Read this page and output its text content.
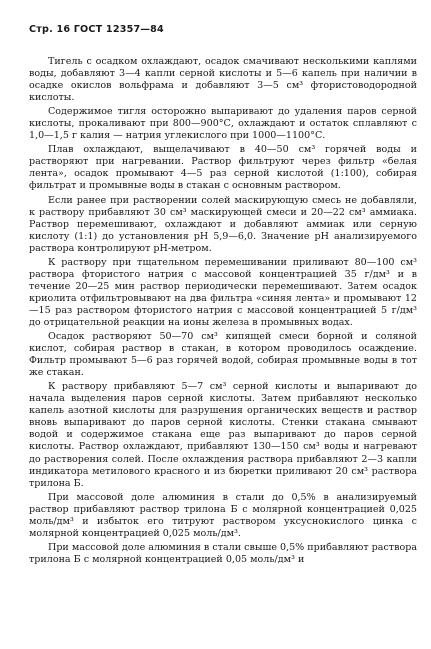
Стр. 16 ГОСТ 12357—84

Тигель с осадком охлаждают, осадок смачивают несколькими каплями воды, добавляют 3—4 капли серной кислоты и 5—6 капель при наличии в осадке окислов вольфрама и добавляют 3—5 см³ фтористоводородной кислоты.

Содержимое тигля осторожно выпаривают до удаления паров серной кислоты, прокаливают при 800—900°С, охлаждают и остаток сплавляют с 1,0—1,5 г калия — натрия углекислого при 1000—1100°С.

Плав охлаждают, выщелачивают в 40—50 см³ горячей воды и растворяют при нагревании. Раствор фильтруют через фильтр «белая лента», осадок промывают 4—5 раз серной кислотой (1:100), собирая фильтрат и промывные воды в стакан с основным раствором.

Если ранее при растворении солей маскирующую смесь не добавляли, к раствору прибавляют 30 см³ маскирующей смеси и 20—22 см³ аммиака. Раствор перемешивают, охлаждают и добавляют аммиак или серную кислоту (1:1) до установления рН 5,9—6,0. Значение рН анализируемого раствора контролируют рН-метром.

К раствору при тщательном перемешивании приливают 80—100 см³ раствора фтористого натрия с массовой концентрацией 35 г/дм³ и в течение 20—25 мин раствор периодически перемешивают. Затем осадок криолита отфильтровывают на два фильтра «синяя лента» и промывают 12—15 раз раствором фтористого натрия с массовой концентрацией 5 г/дм³ до отрицательной реакции на ионы железа в промывных водах.

Осадок растворяют 50—70 см³ кипящей смеси борной и соляной кислот, собирая раствор в стакан, в котором проводилось осаждение. Фильтр промывают 5—6 раз горячей водой, собирая промывные воды в тот же стакан.

К раствору прибавляют 5—7 см³ серной кислоты и выпаривают до начала выделения паров серной кислоты. Затем прибавляют несколько капель азотной кислоты для разрушения органических веществ и раствор вновь выпаривают до паров серной кислоты. Стенки стакана смывают водой и содержимое стакана еще раз выпаривают до паров серной кислоты. Раствор охлаждают, прибавляют 130—150 см³ воды и нагревают до растворения солей. После охлаждения раствора прибавляют 2—3 капли индикатора метилового красного и из бюретки приливают 20 см³ раствора трилона Б.

При массовой доле алюминия в стали до 0,5% в анализируемый раствор прибавляют раствор трилона Б с молярной концентрацией 0,025 моль/дм³ и избыток его титруют раствором уксуснокислого цинка с молярной концентрацией 0,025 моль/дм³.

При массовой доле алюминия в стали свыше 0,5% прибавляют раствора трилона Б с молярной концентрацией 0,05 моль/дм³ и
